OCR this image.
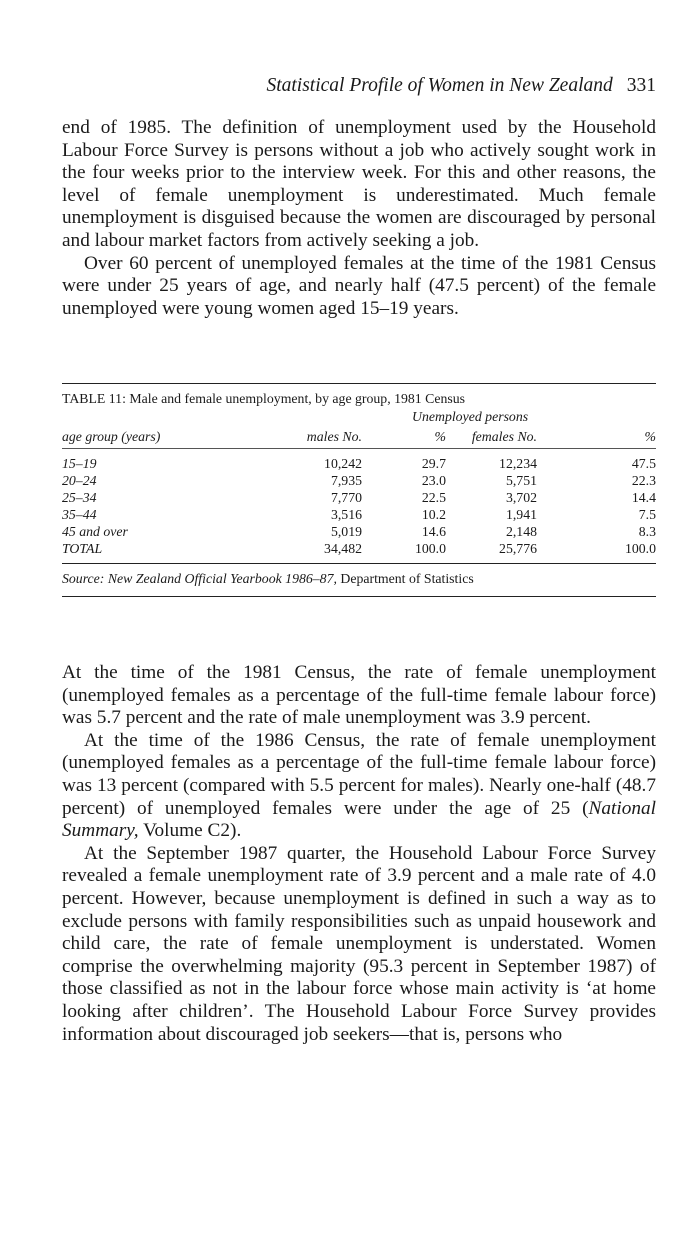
Statistical Profile of Women in New Zealand 331

end of 1985. The definition of unemployment used by the Household Labour Force Survey is persons without a job who actively sought work in the four weeks prior to the interview week. For this and other reasons, the level of female unemployment is underestimated. Much female unemployment is disguised because the women are discouraged by personal and labour market factors from actively seeking a job.

Over 60 percent of unemployed females at the time of the 1981 Census were under 25 years of age, and nearly half (47.5 percent) of the female unemployed were young women aged 15–19 years.

TABLE 11: Male and female unemployment, by age group, 1981 Census
Unemployed persons
age group (years)	males No.	%	females No.	%
15–19	10,242	29.7	12,234	47.5
20–24	7,935	23.0	5,751	22.3
25–34	7,770	22.5	3,702	14.4
35–44	3,516	10.2	1,941	7.5
45 and over	5,019	14.6	2,148	8.3
TOTAL	34,482	100.0	25,776	100.0
Source: New Zealand Official Yearbook 1986–87, Department of Statistics

At the time of the 1981 Census, the rate of female unemployment (unemployed females as a percentage of the full-time female labour force) was 5.7 percent and the rate of male unemployment was 3.9 percent.

At the time of the 1986 Census, the rate of female unemployment (unemployed females as a percentage of the full-time female labour force) was 13 percent (compared with 5.5 percent for males). Nearly one-half (48.7 percent) of unemployed females were under the age of 25 (National Summary, Volume C2).

At the September 1987 quarter, the Household Labour Force Survey revealed a female unemployment rate of 3.9 percent and a male rate of 4.0 percent. However, because unemployment is defined in such a way as to exclude persons with family responsibilities such as unpaid housework and child care, the rate of female unemployment is understated. Women comprise the overwhelming majority (95.3 percent in September 1987) of those classified as not in the labour force whose main activity is ‘at home looking after children’. The Household Labour Force Survey provides information about discouraged job seekers—that is, persons who
